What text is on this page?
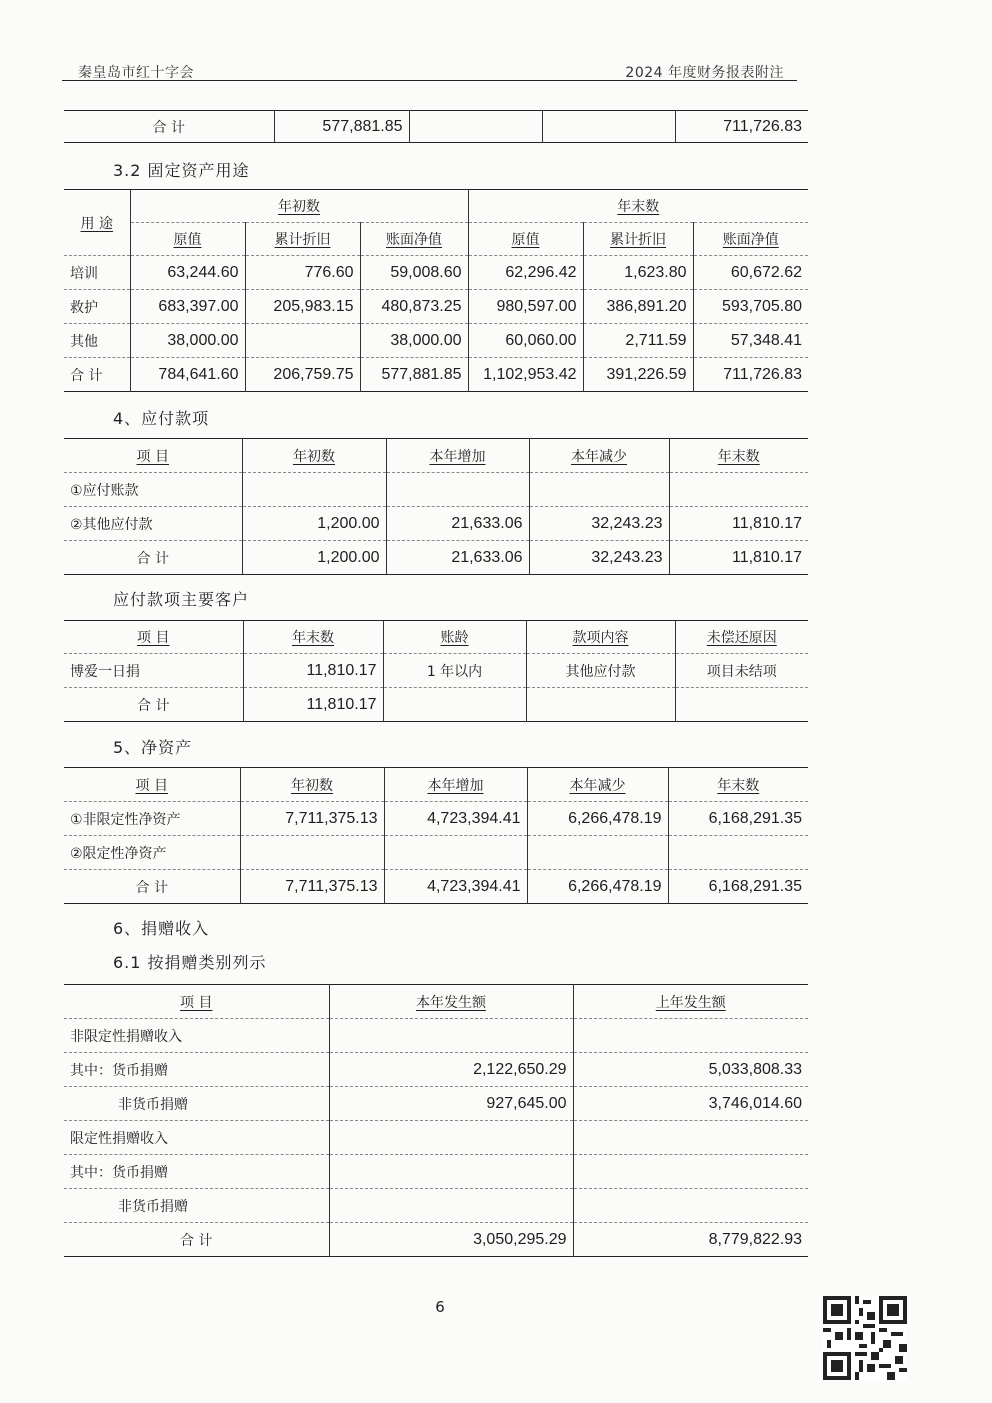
秦皇岛市红十字会	2024 年度财务报表附注
合 计	577,881.85			711,726.83
3.2 固定资产用途
用 途	年初数			年末数		
	原值	累计折旧	账面净值	原值	累计折旧	账面净值
培训	63,244.60	776.60	59,008.60	62,296.42	1,623.80	60,672.62
救护	683,397.00	205,983.15	480,873.25	980,597.00	386,891.20	593,705.80
其他	38,000.00		38,000.00	60,060.00	2,711.59	57,348.41
合 计	784,641.60	206,759.75	577,881.85	1,102,953.42	391,226.59	711,726.83
4、应付款项
项 目	年初数	本年增加	本年减少	年末数
①应付账款				
②其他应付款	1,200.00	21,633.06	32,243.23	11,810.17
合 计	1,200.00	21,633.06	32,243.23	11,810.17
应付款项主要客户
项 目	年末数	账龄	款项内容	未偿还原因
博爱一日捐	11,810.17	1 年以内	其他应付款	项目未结项
合 计	11,810.17			
5、净资产
项 目	年初数	本年增加	本年减少	年末数
①非限定性净资产	7,711,375.13	4,723,394.41	6,266,478.19	6,168,291.35
②限定性净资产				
合 计	7,711,375.13	4,723,394.41	6,266,478.19	6,168,291.35
6、捐赠收入
6.1 按捐赠类别列示
项 目	本年发生额	上年发生额
非限定性捐赠收入		
其中：货币捐赠	2,122,650.29	5,033,808.33
非货币捐赠	927,645.00	3,746,014.60
限定性捐赠收入		
其中：货币捐赠		
非货币捐赠		
合 计	3,050,295.29	8,779,822.93
6
